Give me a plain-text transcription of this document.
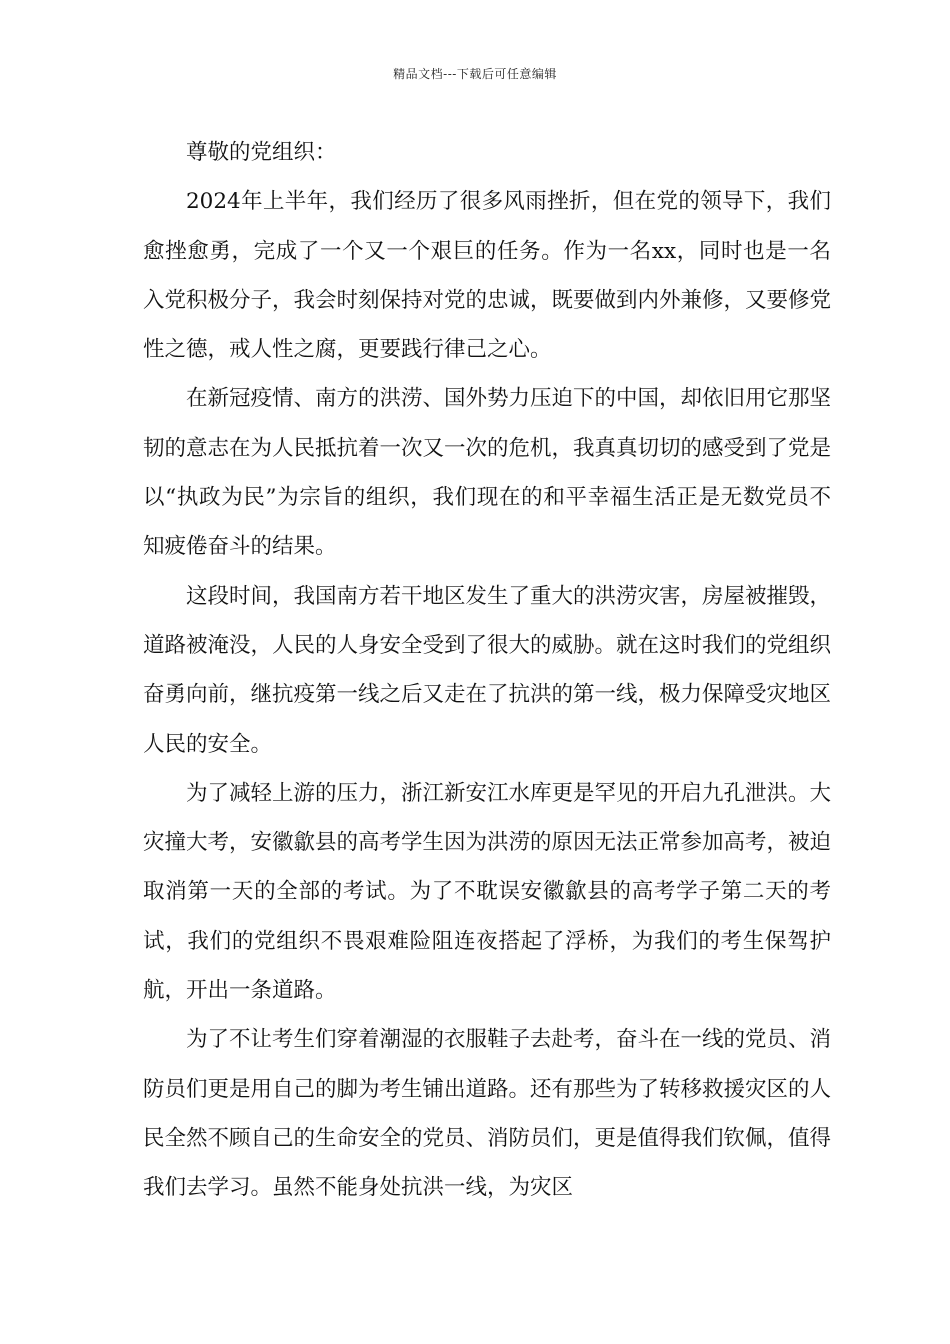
精品文档---下载后可任意编辑

尊敬的党组织：

2024年上半年，我们经历了很多风雨挫折，但在党的领导下，我们愈挫愈勇，完成了一个又一个艰巨的任务。作为一名xx，同时也是一名入党积极分子，我会时刻保持对党的忠诚，既要做到内外兼修，又要修党性之德，戒人性之腐，更要践行律己之心。

在新冠疫情、南方的洪涝、国外势力压迫下的中国，却依旧用它那坚韧的意志在为人民抵抗着一次又一次的危机，我真真切切的感受到了党是以“执政为民”为宗旨的组织，我们现在的和平幸福生活正是无数党员不知疲倦奋斗的结果。

这段时间，我国南方若干地区发生了重大的洪涝灾害，房屋被摧毁，道路被淹没，人民的人身安全受到了很大的威胁。就在这时我们的党组织奋勇向前，继抗疫第一线之后又走在了抗洪的第一线，极力保障受灾地区人民的安全。

为了减轻上游的压力，浙江新安江水库更是罕见的开启九孔泄洪。大灾撞大考，安徽歙县的高考学生因为洪涝的原因无法正常参加高考，被迫取消第一天的全部的考试。为了不耽误安徽歙县的高考学子第二天的考试，我们的党组织不畏艰难险阻连夜搭起了浮桥，为我们的考生保驾护航，开出一条道路。

为了不让考生们穿着潮湿的衣服鞋子去赴考，奋斗在一线的党员、消防员们更是用自己的脚为考生铺出道路。还有那些为了转移救援灾区的人民全然不顾自己的生命安全的党员、消防员们，更是值得我们钦佩，值得我们去学习。虽然不能身处抗洪一线，为灾区
